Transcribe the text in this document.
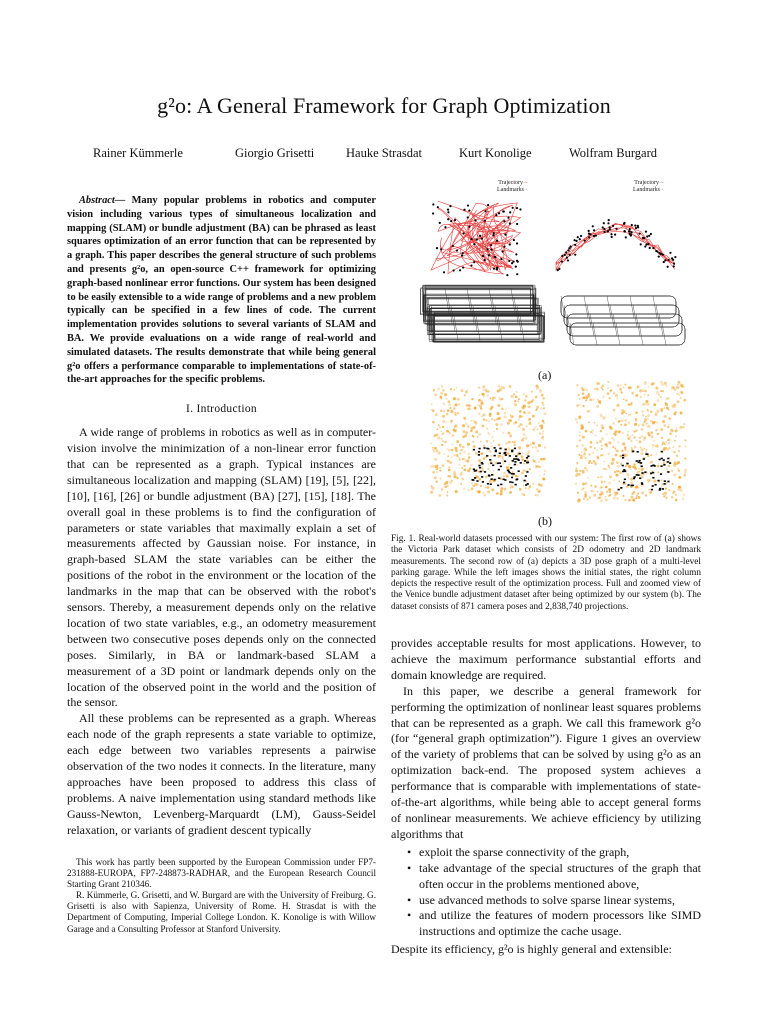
g²o: A General Framework for Graph Optimization
Rainer Kümmerle	Giorgio Grisetti	Hauke Strasdat	Kurt Konolige	Wolfram Burgard

Abstract— Many popular problems in robotics and computer vision including various types of simultaneous localization and mapping (SLAM) or bundle adjustment (BA) can be phrased as least squares optimization of an error function that can be represented by a graph. This paper describes the general structure of such problems and presents g²o, an open-source C++ framework for optimizing graph-based nonlinear error functions. Our system has been designed to be easily extensible to a wide range of problems and a new problem typically can be specified in a few lines of code. The current implementation provides solutions to several variants of SLAM and BA. We provide evaluations on a wide range of real-world and simulated datasets. The results demonstrate that while being general g²o offers a performance comparable to implementations of state-of-the-art approaches for the specific problems.

I. Introduction

A wide range of problems in robotics as well as in computer-vision involve the minimization of a non-linear error function that can be represented as a graph. Typical instances are simultaneous localization and mapping (SLAM) [19], [5], [22], [10], [16], [26] or bundle adjustment (BA) [27], [15], [18]. The overall goal in these problems is to find the configuration of parameters or state variables that maximally explain a set of measurements affected by Gaussian noise. For instance, in graph-based SLAM the state variables can be either the positions of the robot in the environment or the location of the landmarks in the map that can be observed with the robot's sensors. Thereby, a measurement depends only on the relative location of two state variables, e.g., an odometry measurement between two consecutive poses depends only on the connected poses. Similarly, in BA or landmark-based SLAM a measurement of a 3D point or landmark depends only on the location of the observed point in the world and the position of the sensor.

All these problems can be represented as a graph. Whereas each node of the graph represents a state variable to optimize, each edge between two variables represents a pairwise observation of the two nodes it connects. In the literature, many approaches have been proposed to address this class of problems. A naive implementation using standard methods like Gauss-Newton, Levenberg-Marquardt (LM), Gauss-Seidel relaxation, or variants of gradient descent typically

This work has partly been supported by the European Commission under FP7-231888-EUROPA, FP7-248873-RADHAR, and the European Research Council Starting Grant 210346.

R. Kümmerle, G. Grisetti, and W. Burgard are with the University of Freiburg. G. Grisetti is also with Sapienza, University of Rome. H. Strasdat is with the Department of Computing, Imperial College London. K. Konolige is with Willow Garage and a Consulting Professor at Stanford University.

Trajectory –
Landmarks ·
Trajectory –
Landmarks ·
(a)
(b)
Fig. 1. Real-world datasets processed with our system: The first row of (a) shows the Victoria Park dataset which consists of 2D odometry and 2D landmark measurements. The second row of (a) depicts a 3D pose graph of a multi-level parking garage. While the left images shows the initial states, the right column depicts the respective result of the optimization process. Full and zoomed view of the Venice bundle adjustment dataset after being optimized by our system (b). The dataset consists of 871 camera poses and 2,838,740 projections.

provides acceptable results for most applications. However, to achieve the maximum performance substantial efforts and domain knowledge are required.

In this paper, we describe a general framework for performing the optimization of nonlinear least squares problems that can be represented as a graph. We call this framework g²o (for “general graph optimization”). Figure 1 gives an overview of the variety of problems that can be solved by using g²o as an optimization back-end. The proposed system achieves a performance that is comparable with implementations of state-of-the-art algorithms, while being able to accept general forms of nonlinear measurements. We achieve efficiency by utilizing algorithms that

• exploit the sparse connectivity of the graph,
• take advantage of the special structures of the graph that often occur in the problems mentioned above,
• use advanced methods to solve sparse linear systems,
• and utilize the features of modern processors like SIMD instructions and optimize the cache usage.

Despite its efficiency, g²o is highly general and extensible:
